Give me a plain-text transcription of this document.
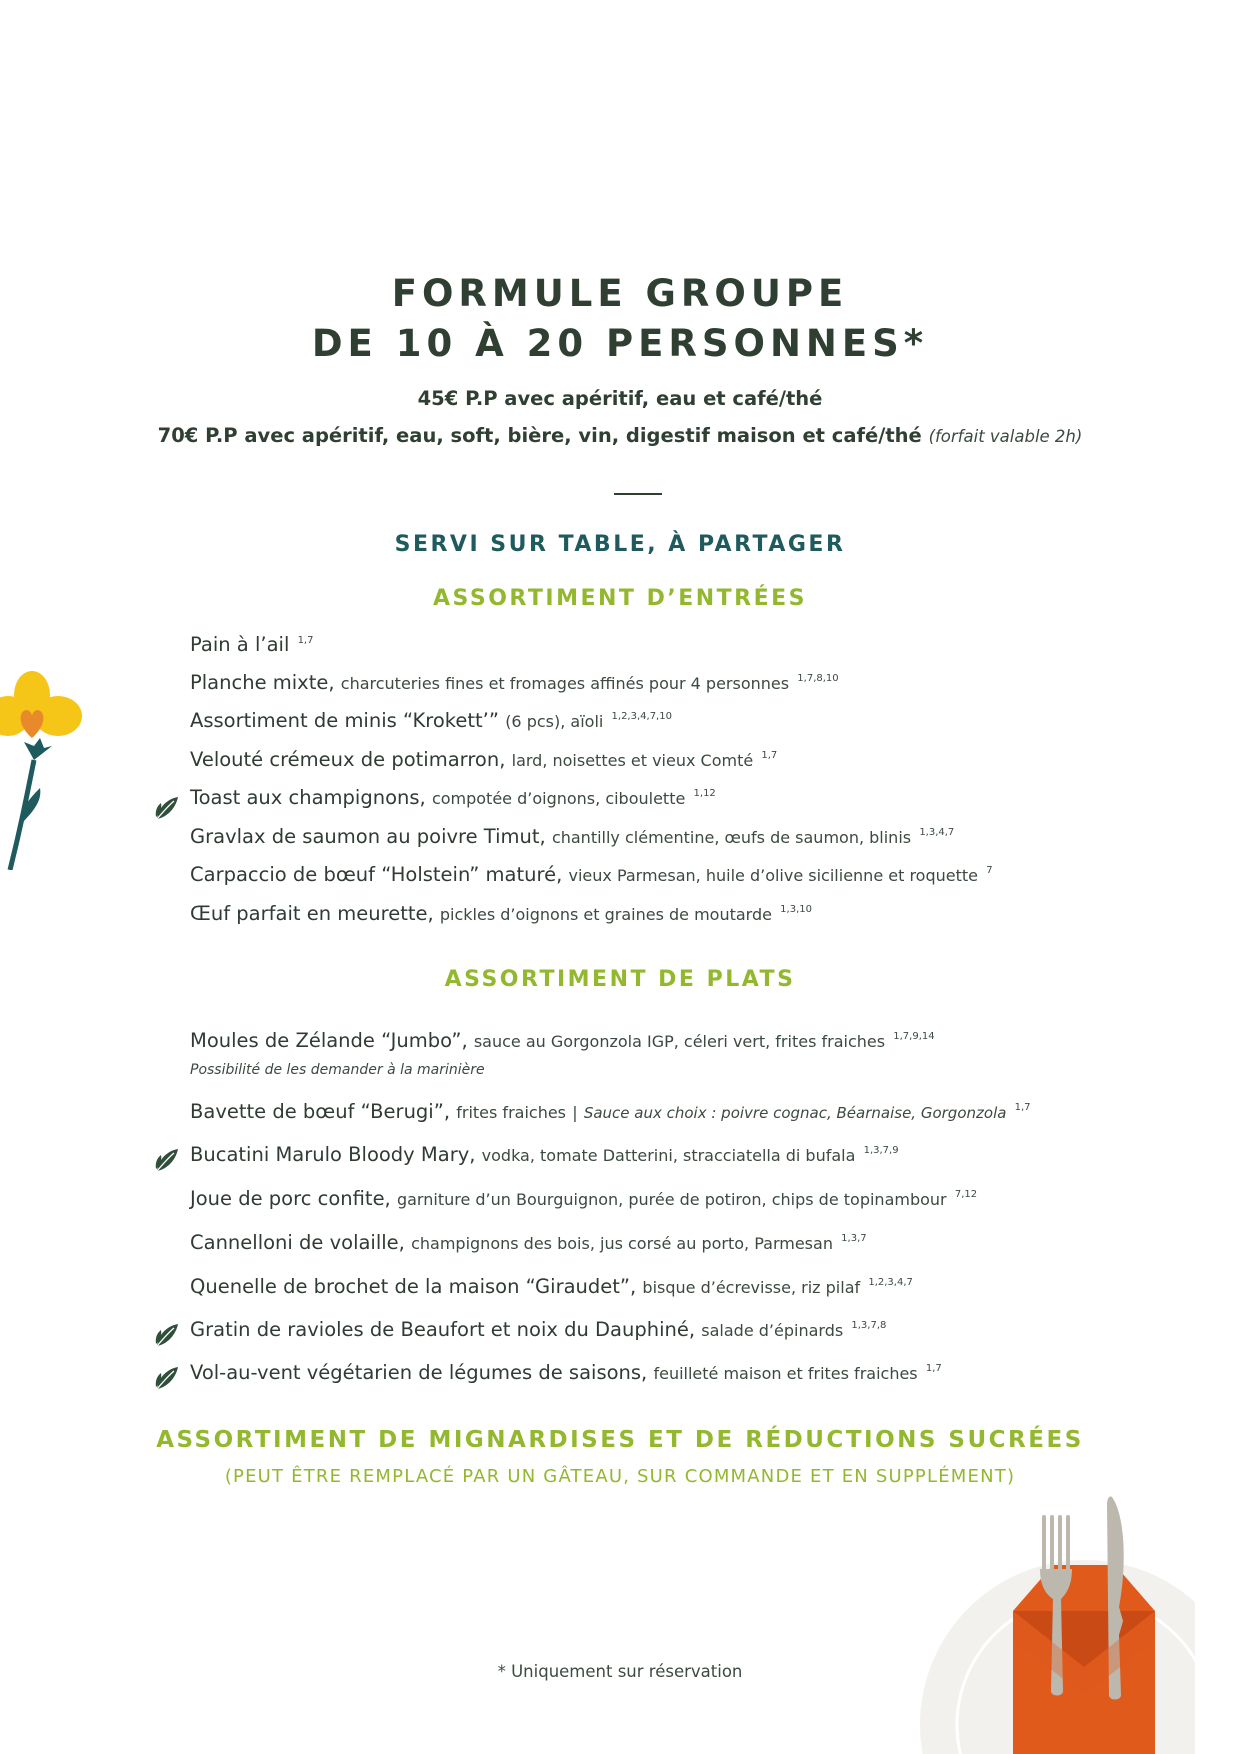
FORMULE GROUPE
DE 10 À 20 PERSONNES*
45€ P.P avec apéritif, eau et café/thé
70€ P.P avec apéritif, eau, soft, bière, vin, digestif maison et café/thé (forfait valable 2h)
SERVI SUR TABLE, À PARTAGER
ASSORTIMENT D’ENTRÉES
Pain à l’ail $^{1,7}$
Planche mixte, charcuteries fines et fromages affinés pour 4 personnes $^{1,7,8,10}$
Assortiment de minis “Krokett’” (6 pcs), aïoli $^{1,2,3,4,7,10}$
Velouté crémeux de potimarron, lard, noisettes et vieux Comté $^{1,7}$
Toast aux champignons, compotée d’oignons, ciboulette $^{1,12}$
Gravlax de saumon au poivre Timut, chantilly clémentine, œufs de saumon, blinis $^{1,3,4,7}$
Carpaccio de bœuf “Holstein” maturé, vieux Parmesan, huile d’olive sicilienne et roquette $^7$
Œuf parfait en meurette, pickles d’oignons et graines de moutarde $^{1,3,10}$
ASSORTIMENT DE PLATS
Moules de Zélande “Jumbo”, sauce au Gorgonzola IGP, céleri vert, frites fraiches $^{1,7,9,14}$
Possibilité de les demander à la marinière
Bavette de bœuf “Berugi”, frites fraiches | Sauce aux choix : poivre cognac, Béarnaise, Gorgonzola $^{1,7}$
Bucatini Marulo Bloody Mary, vodka, tomate Datterini, stracciatella di bufala $^{1,3,7,9}$
Joue de porc confite, garniture d’un Bourguignon, purée de potiron, chips de topinambour $^{7,12}$
Cannelloni de volaille, champignons des bois, jus corsé au porto, Parmesan $^{1,3,7}$
Quenelle de brochet de la maison “Giraudet”, bisque d’écrevisse, riz pilaf $^{1,2,3,4,7}$
Gratin de ravioles de Beaufort et noix du Dauphiné, salade d’épinards $^{1,3,7,8}$
Vol-au-vent végétarien de légumes de saisons, feuilleté maison et frites fraiches $^{1,7}$
ASSORTIMENT DE MIGNARDISES ET DE RÉDUCTIONS SUCRÉES
(PEUT ÊTRE REMPLACÉ PAR UN GÂTEAU, SUR COMMANDE ET EN SUPPLÉMENT)
* Uniquement sur réservation
